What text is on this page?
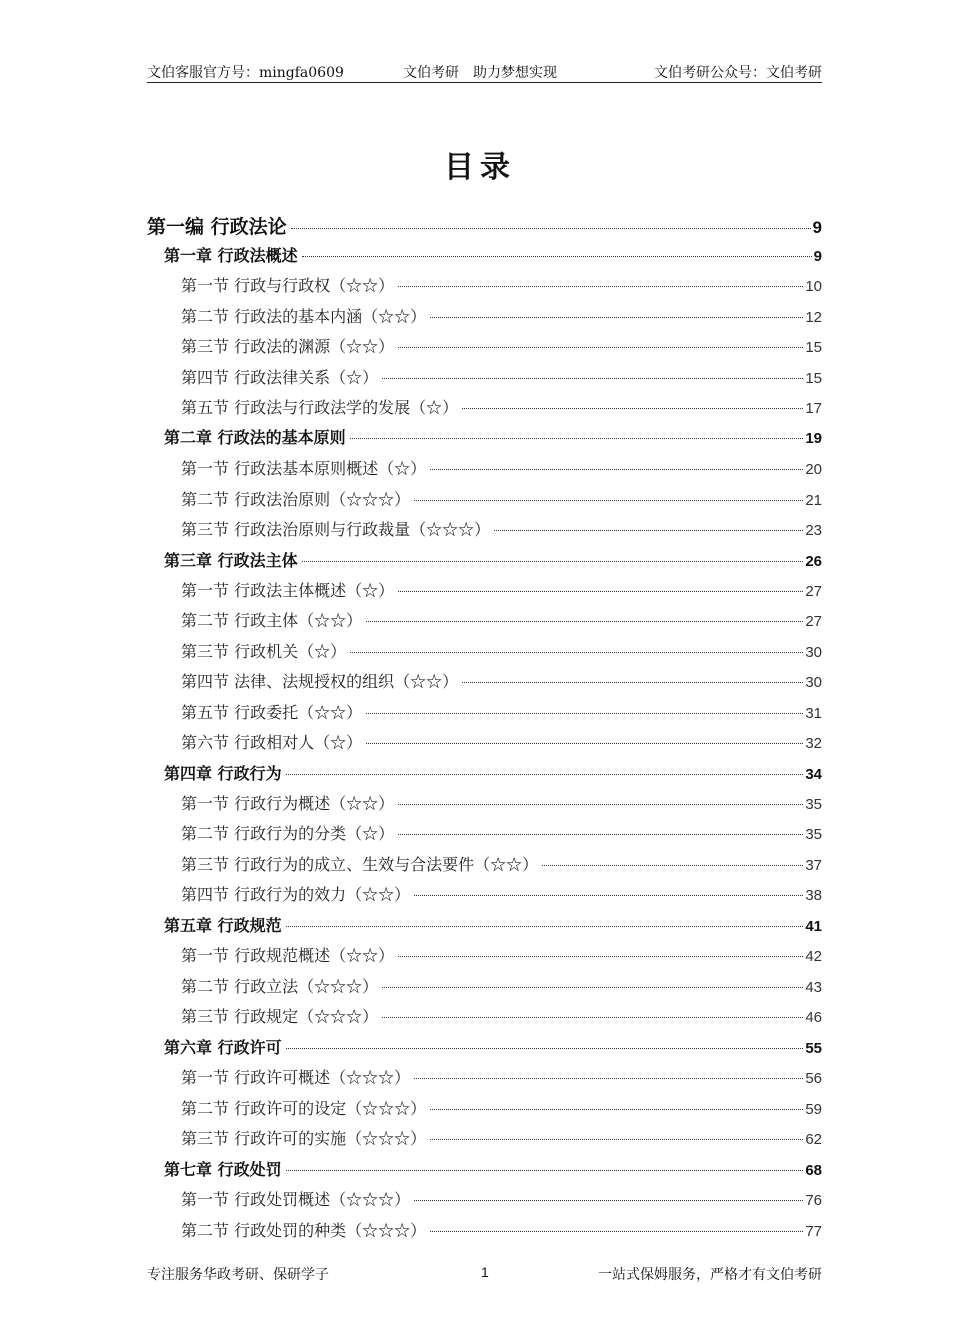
文伯客服官方号：mingfa0609	文伯考研　助力梦想实现	文伯考研公众号：文伯考研
目录
第一编 行政法论	9
第一章 行政法概述	9
第一节 行政与行政权（☆☆）	10
第二节 行政法的基本内涵（☆☆）	12
第三节 行政法的渊源（☆☆）	15
第四节 行政法律关系（☆）	15
第五节 行政法与行政法学的发展（☆）	17
第二章 行政法的基本原则	19
第一节 行政法基本原则概述（☆）	20
第二节 行政法治原则（☆☆☆）	21
第三节 行政法治原则与行政裁量（☆☆☆）	23
第三章 行政法主体	26
第一节 行政法主体概述（☆）	27
第二节 行政主体（☆☆）	27
第三节 行政机关（☆）	30
第四节 法律、法规授权的组织（☆☆）	30
第五节 行政委托（☆☆）	31
第六节 行政相对人（☆）	32
第四章 行政行为	34
第一节 行政行为概述（☆☆）	35
第二节 行政行为的分类（☆）	35
第三节 行政行为的成立、生效与合法要件（☆☆）	37
第四节 行政行为的效力（☆☆）	38
第五章 行政规范	41
第一节 行政规范概述（☆☆）	42
第二节 行政立法（☆☆☆）	43
第三节 行政规定（☆☆☆）	46
第六章 行政许可	55
第一节 行政许可概述（☆☆☆）	56
第二节 行政许可的设定（☆☆☆）	59
第三节 行政许可的实施（☆☆☆）	62
第七章 行政处罚	68
第一节 行政处罚概述（☆☆☆）	76
第二节 行政处罚的种类（☆☆☆）	77
专注服务华政考研、保研学子	1	一站式保姆服务，严格才有文伯考研
